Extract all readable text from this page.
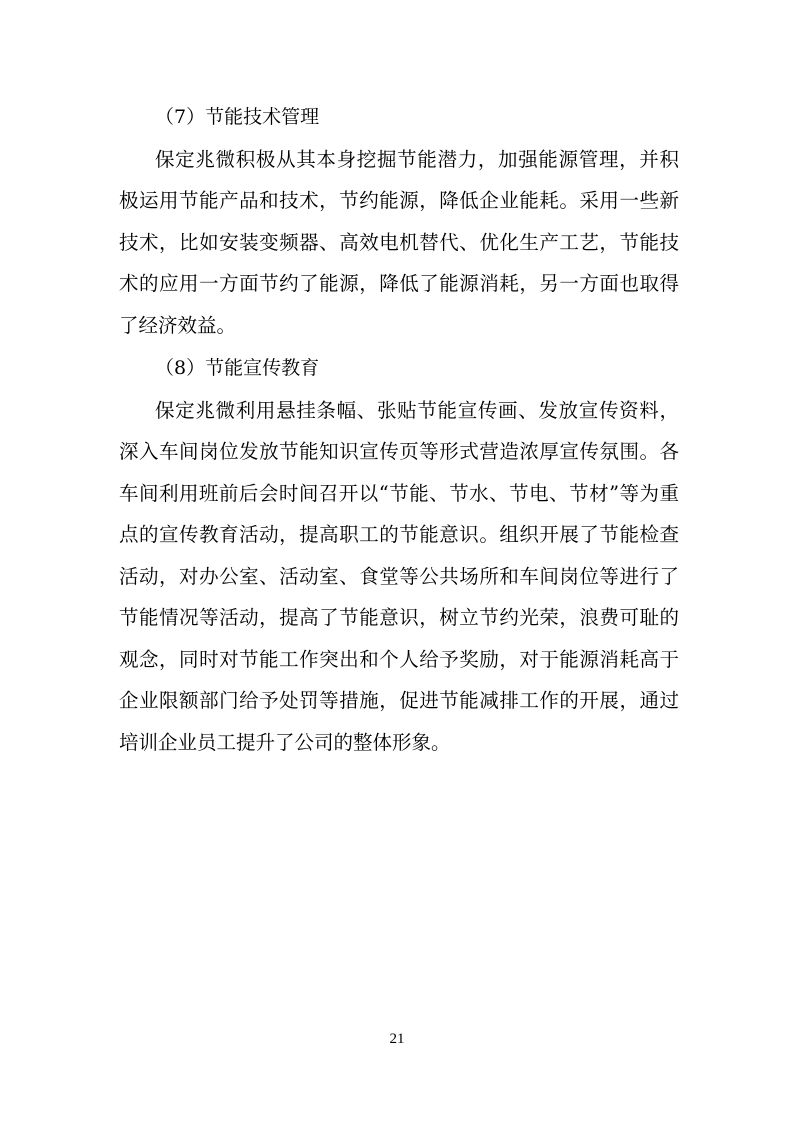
（7）节能技术管理
保定兆微积极从其本身挖掘节能潜力，加强能源管理，并积
极运用节能产品和技术，节约能源，降低企业能耗。采用一些新
技术，比如安装变频器、高效电机替代、优化生产工艺，节能技
术的应用一方面节约了能源，降低了能源消耗，另一方面也取得
了经济效益。
（8）节能宣传教育
保定兆微利用悬挂条幅、张贴节能宣传画、发放宣传资料，
深入车间岗位发放节能知识宣传页等形式营造浓厚宣传氛围。各
车间利用班前后会时间召开以“节能、节水、节电、节材”等为重
点的宣传教育活动，提高职工的节能意识。组织开展了节能检查
活动，对办公室、活动室、食堂等公共场所和车间岗位等进行了
节能情况等活动，提高了节能意识，树立节约光荣，浪费可耻的
观念，同时对节能工作突出和个人给予奖励，对于能源消耗高于
企业限额部门给予处罚等措施，促进节能减排工作的开展，通过
培训企业员工提升了公司的整体形象。
21
